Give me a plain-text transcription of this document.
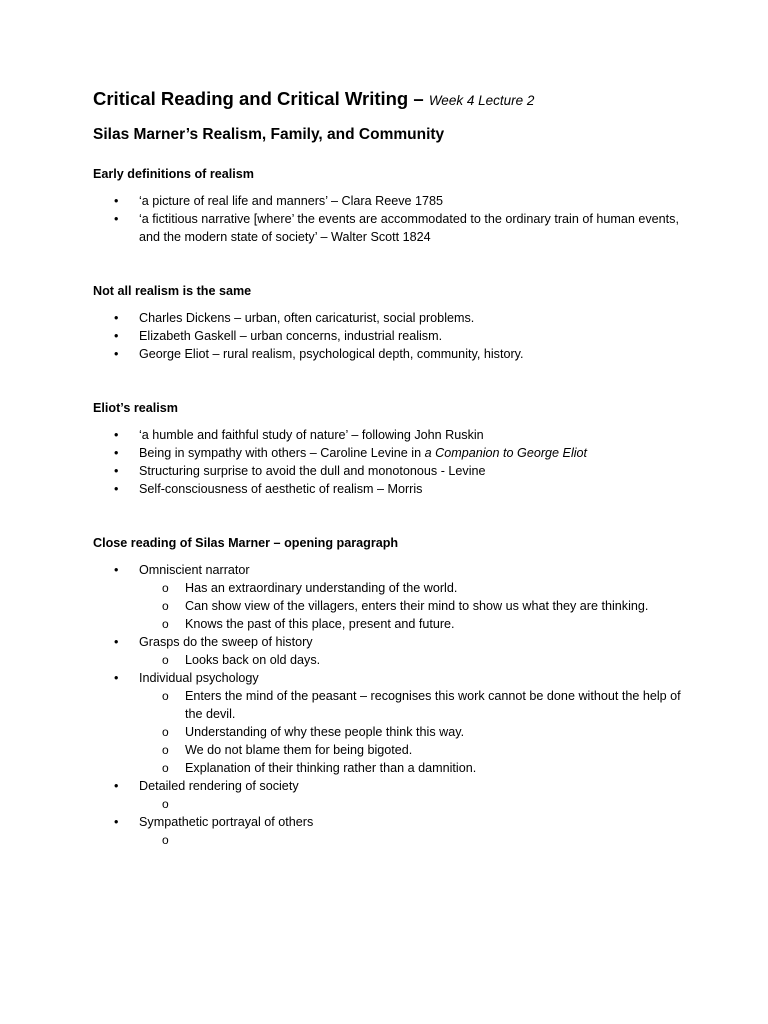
Critical Reading and Critical Writing – Week 4 Lecture 2
Silas Marner’s Realism, Family, and Community

Early definitions of realism

• ‘a picture of real life and manners’ – Clara Reeve 1785
• ‘a fictitious narrative [where’ the events are accommodated to the ordinary train of human events, and the modern state of society’ – Walter Scott 1824

Not all realism is the same

• Charles Dickens – urban, often caricaturist, social problems.
• Elizabeth Gaskell – urban concerns, industrial realism.
• George Eliot – rural realism, psychological depth, community, history.

Eliot’s realism

• ‘a humble and faithful study of nature’ – following John Ruskin
• Being in sympathy with others – Caroline Levine in a Companion to George Eliot
• Structuring surprise to avoid the dull and monotonous - Levine
• Self-consciousness of aesthetic of realism – Morris

Close reading of Silas Marner – opening paragraph

• Omniscient narrator
o Has an extraordinary understanding of the world.
o Can show view of the villagers, enters their mind to show us what they are thinking.
o Knows the past of this place, present and future.
• Grasps do the sweep of history
o Looks back on old days.
• Individual psychology
o Enters the mind of the peasant – recognises this work cannot be done without the help of the devil.
o Understanding of why these people think this way.
o We do not blame them for being bigoted.
o Explanation of their thinking rather than a damnition.
• Detailed rendering of society
o
• Sympathetic portrayal of others
o
